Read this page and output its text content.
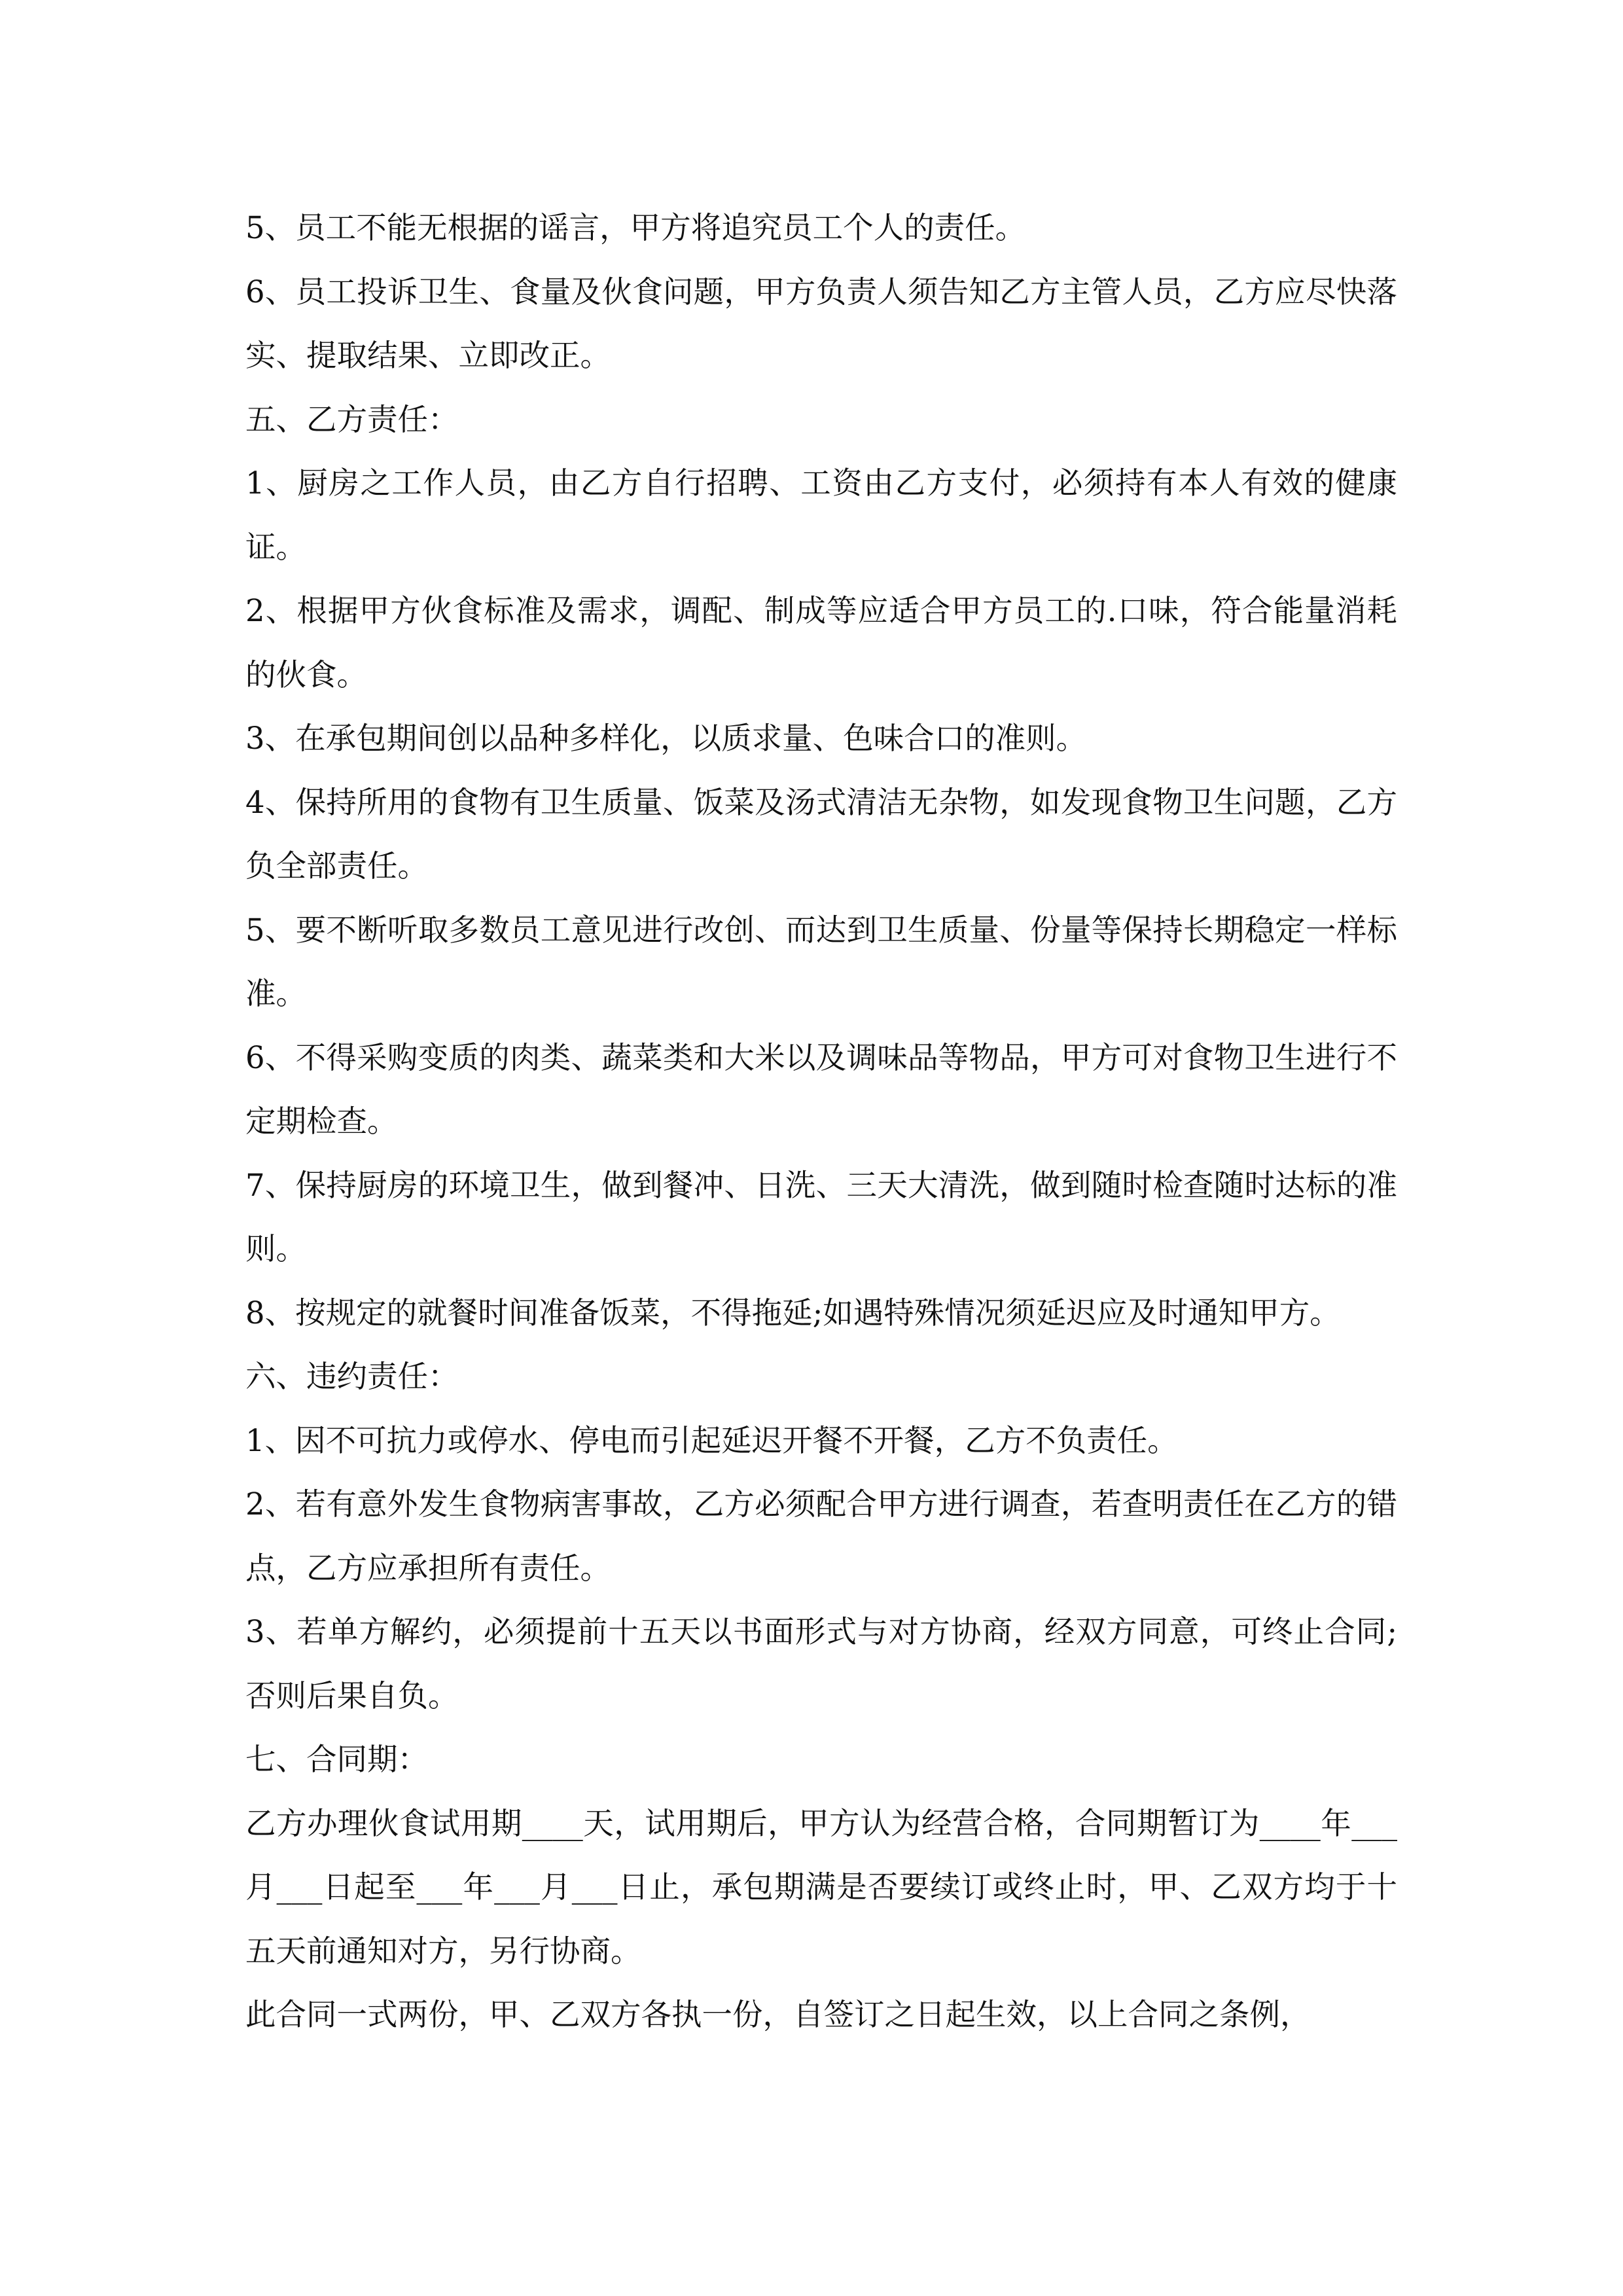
5、员工不能无根据的谣言，甲方将追究员工个人的责任。

6、员工投诉卫生、食量及伙食问题，甲方负责人须告知乙方主管人员，乙方应尽快落实、提取结果、立即改正。

五、乙方责任：

1、厨房之工作人员，由乙方自行招聘、工资由乙方支付，必须持有本人有效的健康证。

2、根据甲方伙食标准及需求，调配、制成等应适合甲方员工的.口味，符合能量消耗的伙食。

3、在承包期间创以品种多样化，以质求量、色味合口的准则。

4、保持所用的食物有卫生质量、饭菜及汤式清洁无杂物，如发现食物卫生问题，乙方负全部责任。

5、要不断听取多数员工意见进行改创、而达到卫生质量、份量等保持长期稳定一样标准。

6、不得采购变质的肉类、蔬菜类和大米以及调味品等物品，甲方可对食物卫生进行不定期检查。

7、保持厨房的环境卫生，做到餐冲、日洗、三天大清洗，做到随时检查随时达标的准则。

8、按规定的就餐时间准备饭菜，不得拖延;如遇特殊情况须延迟应及时通知甲方。

六、违约责任：

1、因不可抗力或停水、停电而引起延迟开餐不开餐，乙方不负责任。

2、若有意外发生食物病害事故，乙方必须配合甲方进行调查，若查明责任在乙方的错点，乙方应承担所有责任。

3、若单方解约，必须提前十五天以书面形式与对方协商，经双方同意，可终止合同;否则后果自负。

七、合同期：

乙方办理伙食试用期____天，试用期后，甲方认为经营合格，合同期暂订为____年___月___日起至___年___月___日止，承包期满是否要续订或终止时，甲、乙双方均于十五天前通知对方，另行协商。

此合同一式两份，甲、乙双方各执一份，自签订之日起生效，以上合同之条例，
